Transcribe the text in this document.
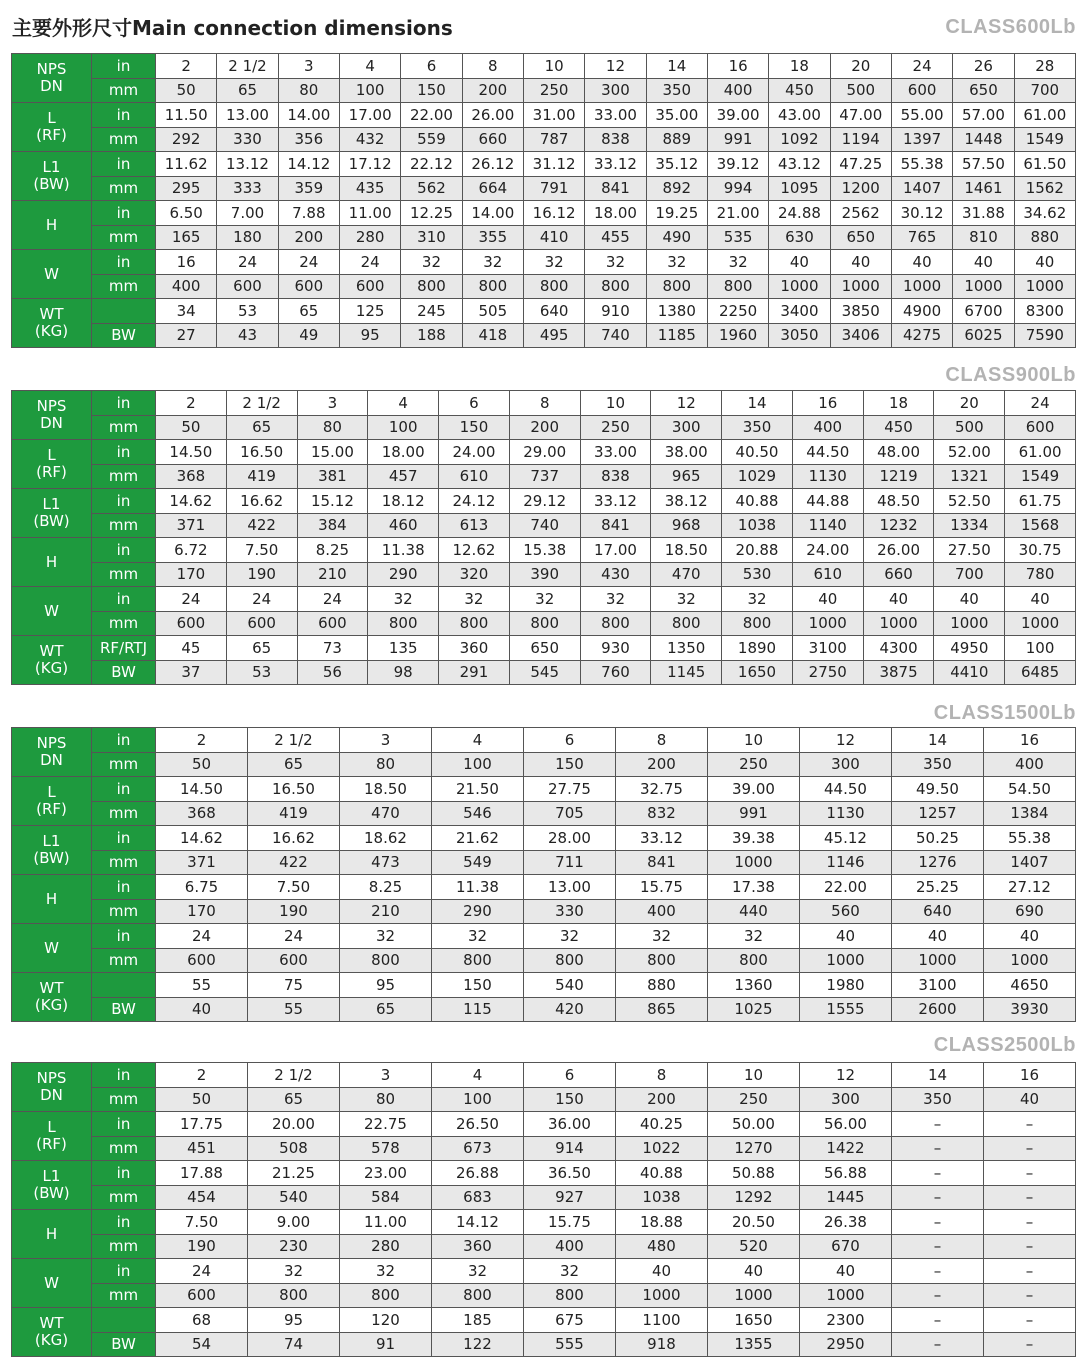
主要外形尺寸Main connection dimensions	CLASS600Lb
NPS
DN	in	2	2 1/2	3	4	6	8	10	12	14	16	18	20	24	26	28
	mm	50	65	80	100	150	200	250	300	350	400	450	500	600	650	700
L
(RF)	in	11.50	13.00	14.00	17.00	22.00	26.00	31.00	33.00	35.00	39.00	43.00	47.00	55.00	57.00	61.00
	mm	292	330	356	432	559	660	787	838	889	991	1092	1194	1397	1448	1549
L1
(BW)	in	11.62	13.12	14.12	17.12	22.12	26.12	31.12	33.12	35.12	39.12	43.12	47.25	55.38	57.50	61.50
	mm	295	333	359	435	562	664	791	841	892	994	1095	1200	1407	1461	1562
H	in	6.50	7.00	7.88	11.00	12.25	14.00	16.12	18.00	19.25	21.00	24.88	2562	30.12	31.88	34.62
	mm	165	180	200	280	310	355	410	455	490	535	630	650	765	810	880
W	in	16	24	24	24	32	32	32	32	32	32	40	40	40	40	40
	mm	400	600	600	600	800	800	800	800	800	800	1000	1000	1000	1000	1000
WT
(KG)		34	53	65	125	245	505	640	910	1380	2250	3400	3850	4900	6700	8300
	BW	27	43	49	95	188	418	495	740	1185	1960	3050	3406	4275	6025	7590
CLASS900Lb
NPS
DN	in	2	2 1/2	3	4	6	8	10	12	14	16	18	20	24
	mm	50	65	80	100	150	200	250	300	350	400	450	500	600
L
(RF)	in	14.50	16.50	15.00	18.00	24.00	29.00	33.00	38.00	40.50	44.50	48.00	52.00	61.00
	mm	368	419	381	457	610	737	838	965	1029	1130	1219	1321	1549
L1
(BW)	in	14.62	16.62	15.12	18.12	24.12	29.12	33.12	38.12	40.88	44.88	48.50	52.50	61.75
	mm	371	422	384	460	613	740	841	968	1038	1140	1232	1334	1568
H	in	6.72	7.50	8.25	11.38	12.62	15.38	17.00	18.50	20.88	24.00	26.00	27.50	30.75
	mm	170	190	210	290	320	390	430	470	530	610	660	700	780
W	in	24	24	24	32	32	32	32	32	32	40	40	40	40
	mm	600	600	600	800	800	800	800	800	800	1000	1000	1000	1000
WT
(KG)	RF/RTJ	45	65	73	135	360	650	930	1350	1890	3100	4300	4950	100
	BW	37	53	56	98	291	545	760	1145	1650	2750	3875	4410	6485
CLASS1500Lb
NPS
DN	in	2	2 1/2	3	4	6	8	10	12	14	16
	mm	50	65	80	100	150	200	250	300	350	400
L
(RF)	in	14.50	16.50	18.50	21.50	27.75	32.75	39.00	44.50	49.50	54.50
	mm	368	419	470	546	705	832	991	1130	1257	1384
L1
(BW)	in	14.62	16.62	18.62	21.62	28.00	33.12	39.38	45.12	50.25	55.38
	mm	371	422	473	549	711	841	1000	1146	1276	1407
H	in	6.75	7.50	8.25	11.38	13.00	15.75	17.38	22.00	25.25	27.12
	mm	170	190	210	290	330	400	440	560	640	690
W	in	24	24	32	32	32	32	32	40	40	40
	mm	600	600	800	800	800	800	800	1000	1000	1000
WT
(KG)		55	75	95	150	540	880	1360	1980	3100	4650
	BW	40	55	65	115	420	865	1025	1555	2600	3930
CLASS2500Lb
NPS
DN	in	2	2 1/2	3	4	6	8	10	12	14	16
	mm	50	65	80	100	150	200	250	300	350	40
L
(RF)	in	17.75	20.00	22.75	26.50	36.00	40.25	50.00	56.00	–	–
	mm	451	508	578	673	914	1022	1270	1422	–	–
L1
(BW)	in	17.88	21.25	23.00	26.88	36.50	40.88	50.88	56.88	–	–
	mm	454	540	584	683	927	1038	1292	1445	–	–
H	in	7.50	9.00	11.00	14.12	15.75	18.88	20.50	26.38	–	–
	mm	190	230	280	360	400	480	520	670	–	–
W	in	24	32	32	32	32	40	40	40	–	–
	mm	600	800	800	800	800	1000	1000	1000	–	–
WT
(KG)		68	95	120	185	675	1100	1650	2300	–	–
	BW	54	74	91	122	555	918	1355	2950	–	–
